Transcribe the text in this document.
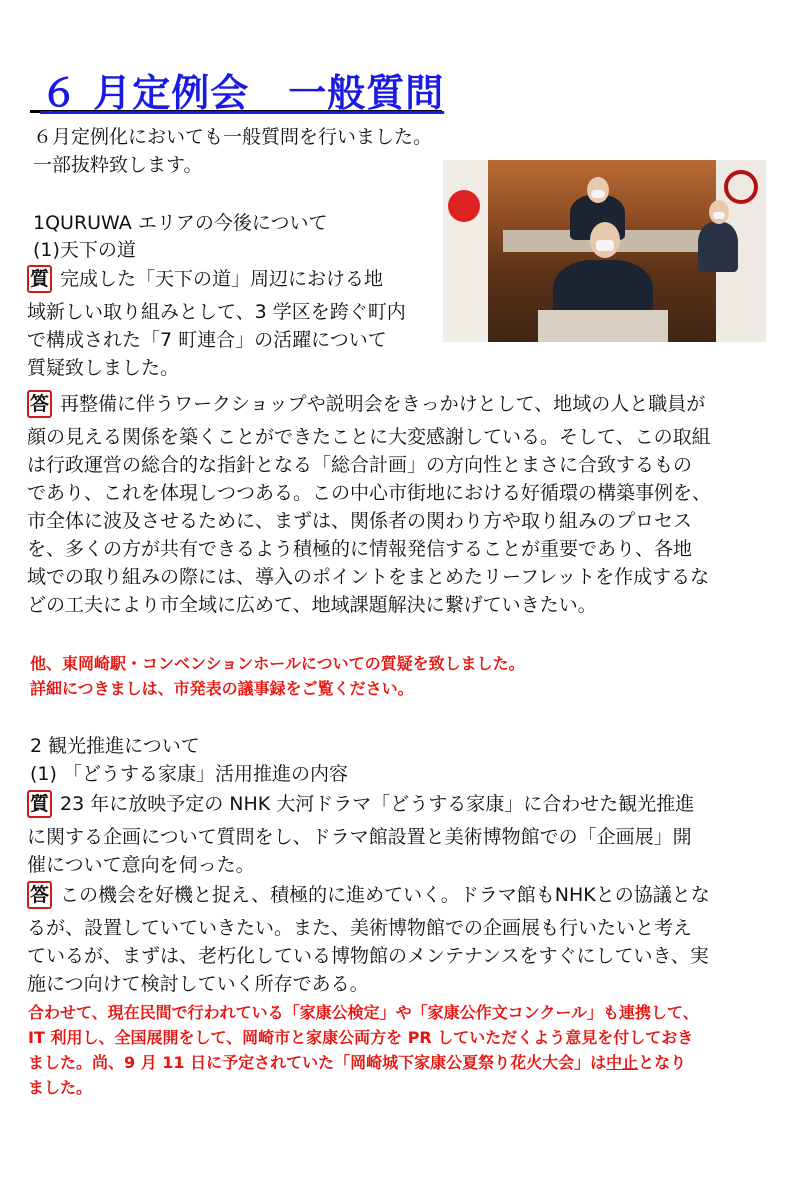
６ 月定例会　一般質問
６月定例化においても一般質問を行いました。
一部抜粋致します。
1QURUWA エリアの今後について
(1)天下の道
質 完成した「天下の道」周辺における地
域新しい取り組みとして、3 学区を跨ぐ町内
で構成された「7 町連合」の活躍について
質疑致しました。
答 再整備に伴うワークショップや説明会をきっかけとして、地域の人と職員が
顔の見える関係を築くことができたことに大変感謝している。そして、この取組
は行政運営の総合的な指針となる「総合計画」の方向性とまさに合致するもの
であり、これを体現しつつある。この中心市街地における好循環の構築事例を、
市全体に波及させるために、まずは、関係者の関わり方や取り組みのプロセス
を、多くの方が共有できるよう積極的に情報発信することが重要であり、各地
域での取り組みの際には、導入のポイントをまとめたリーフレットを作成するな
どの工夫により市全域に広めて、地域課題解決に繋げていきたい。
他、東岡崎駅・コンベンションホールについての質疑を致しました。
詳細につきましは、市発表の議事録をご覧ください。
2 観光推進について
(1) 「どうする家康」活用推進の内容
質 23 年に放映予定の NHK 大河ドラマ「どうする家康」に合わせた観光推進
に関する企画について質問をし、ドラマ館設置と美術博物館での「企画展」開
催について意向を伺った。
答 この機会を好機と捉え、積極的に進めていく。ドラマ館もNHKとの協議とな
るが、設置していていきたい。また、美術博物館での企画展も行いたいと考え
ているが、まずは、老朽化している博物館のメンテナンスをすぐにしていき、実
施につ向けて検討していく所存である。
合わせて、現在民間で行われている「家康公検定」や「家康公作文コンクール」も連携して、
IT 利用し、全国展開をして、岡崎市と家康公両方を PR していただくよう意見を付しておき
ました。尚、9 月 11 日に予定されていた「岡崎城下家康公夏祭り花火大会」は中止となり
ました。
